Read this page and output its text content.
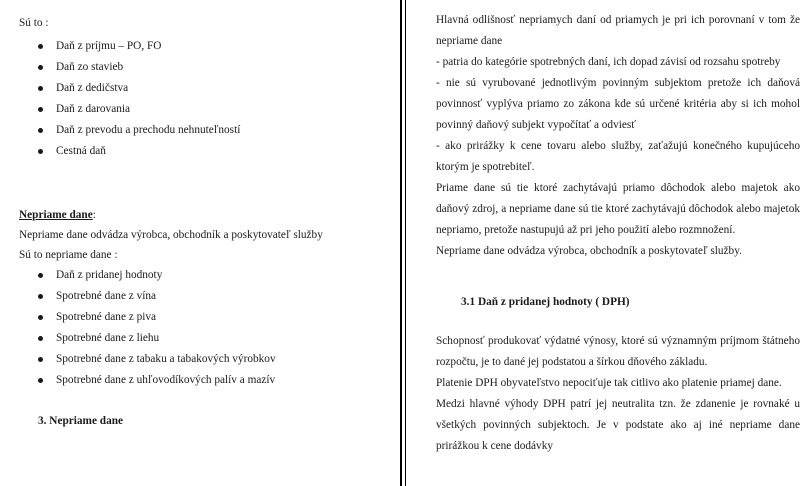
Sú to :
Daň z príjmu – PO, FO
Daň zo stavieb
Daň z dedičstva
Daň z darovania
Daň z prevodu a prechodu nehnuteľností
Cestná daň
Nepriame dane:
Nepriame dane odvádza výrobca, obchodník a poskytovateľ služby
Sú to nepriame dane :
Daň z pridanej hodnoty
Spotrebné dane z vína
Spotrebné dane z piva
Spotrebné dane z liehu
Spotrebné dane z tabaku a tabakových výrobkov
Spotrebné dane z uhľovodíkových palív a mazív
3. Nepriame dane

Hlavná odlišnosť nepriamych daní od priamych je pri ich porovnaní v tom že nepriame dane

- patria do kategórie spotrebných daní, ich dopad závisí od rozsahu spotreby

- nie sú vyrubované jednotlivým povinným subjektom pretože ich daňová povinnosť vyplýva priamo zo zákona kde sú určené kritéria aby si ich mohol povinný daňový subjekt vypočítať a odviesť

- ako prirážky k cene tovaru alebo služby, zaťažujú konečného kupujúceho ktorým je spotrebiteľ.

Priame dane sú tie ktoré zachytávajú priamo dôchodok alebo majetok ako daňový zdroj, a nepriame dane sú tie ktoré zachytávajú dôchodok alebo majetok nepriamo, pretože nastupujú až pri jeho použití alebo rozmnožení.

Nepriame dane odvádza výrobca, obchodník a poskytovateľ služby.

3.1 Daň z pridanej hodnoty ( DPH)

Schopnosť produkovať výdatné výnosy, ktoré sú významným príjmom štátneho rozpočtu, je to dané jej podstatou a šírkou dňového základu.

Platenie DPH obyvateľstvo nepociťuje tak citlivo ako platenie priamej dane.

Medzi hlavné výhody DPH patrí jej neutralita tzn. že zdanenie je rovnaké u všetkých povinných subjektoch. Je v podstate ako aj iné nepriame dane prirážkou k cene dodávky
